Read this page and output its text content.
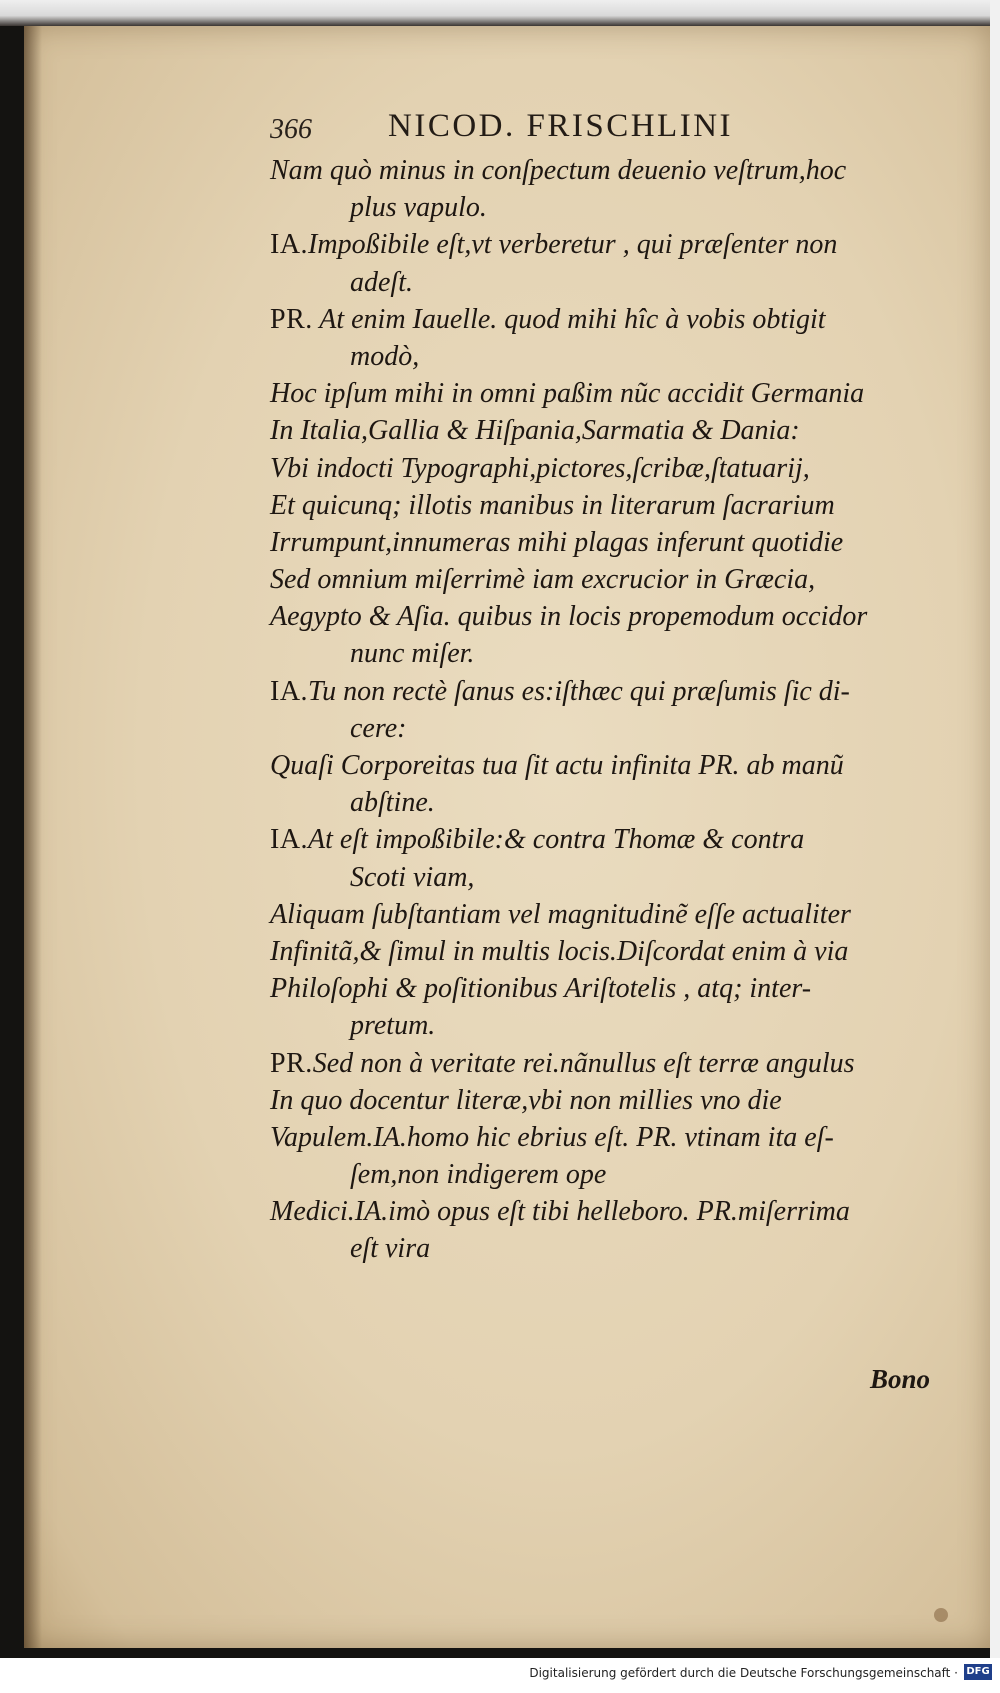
366 NICOD. FRISCHLINI
Nam quò minus in conſpectum deuenio veſtrum,hoc
plus vapulo.
IA.Impoßibile eſt,vt verberetur , qui præſenter non
adeſt.
PR. At enim Iauelle. quod mihi hîc à vobis obtigit
modò,
Hoc ipſum mihi in omni paßim nũc accidit Germania
In Italia,Gallia & Hiſpania,Sarmatia & Dania:
Vbi indocti Typographi,pictores,ſcribæ,ſtatuarij,
Et quicunq; illotis manibus in literarum ſacrarium
Irrumpunt,innumeras mihi plagas inferunt quotidie
Sed omnium miſerrimè iam excrucior in Græcia,
Aegypto & Aſia. quibus in locis propemodum occidor
nunc miſer.
IA.Tu non rectè ſanus es:iſthæc qui præſumis ſic di-
cere:
Quaſi Corporeitas tua ſit actu infinita PR. ab manũ
abſtine.
IA.At eſt impoßibile:& contra Thomæ & contra
Scoti viam,
Aliquam ſubſtantiam vel magnitudinẽ eſſe actualiter
Infinitã,& ſimul in multis locis.Diſcordat enim à via
Philoſophi & poſitionibus Ariſtotelis , atq; inter-
pretum.
PR.Sed non à veritate rei.nãnullus eſt terræ angulus
In quo docentur literæ,vbi non millies vno die
Vapulem.IA.homo hic ebrius eſt. PR. vtinam ita eſ-
ſem,non indigerem ope
Medici.IA.imò opus eſt tibi helleboro. PR.miſerrima
eſt vira
Bono
Digitalisierung gefördert durch die Deutsche Forschungsgemeinschaft · DFG
